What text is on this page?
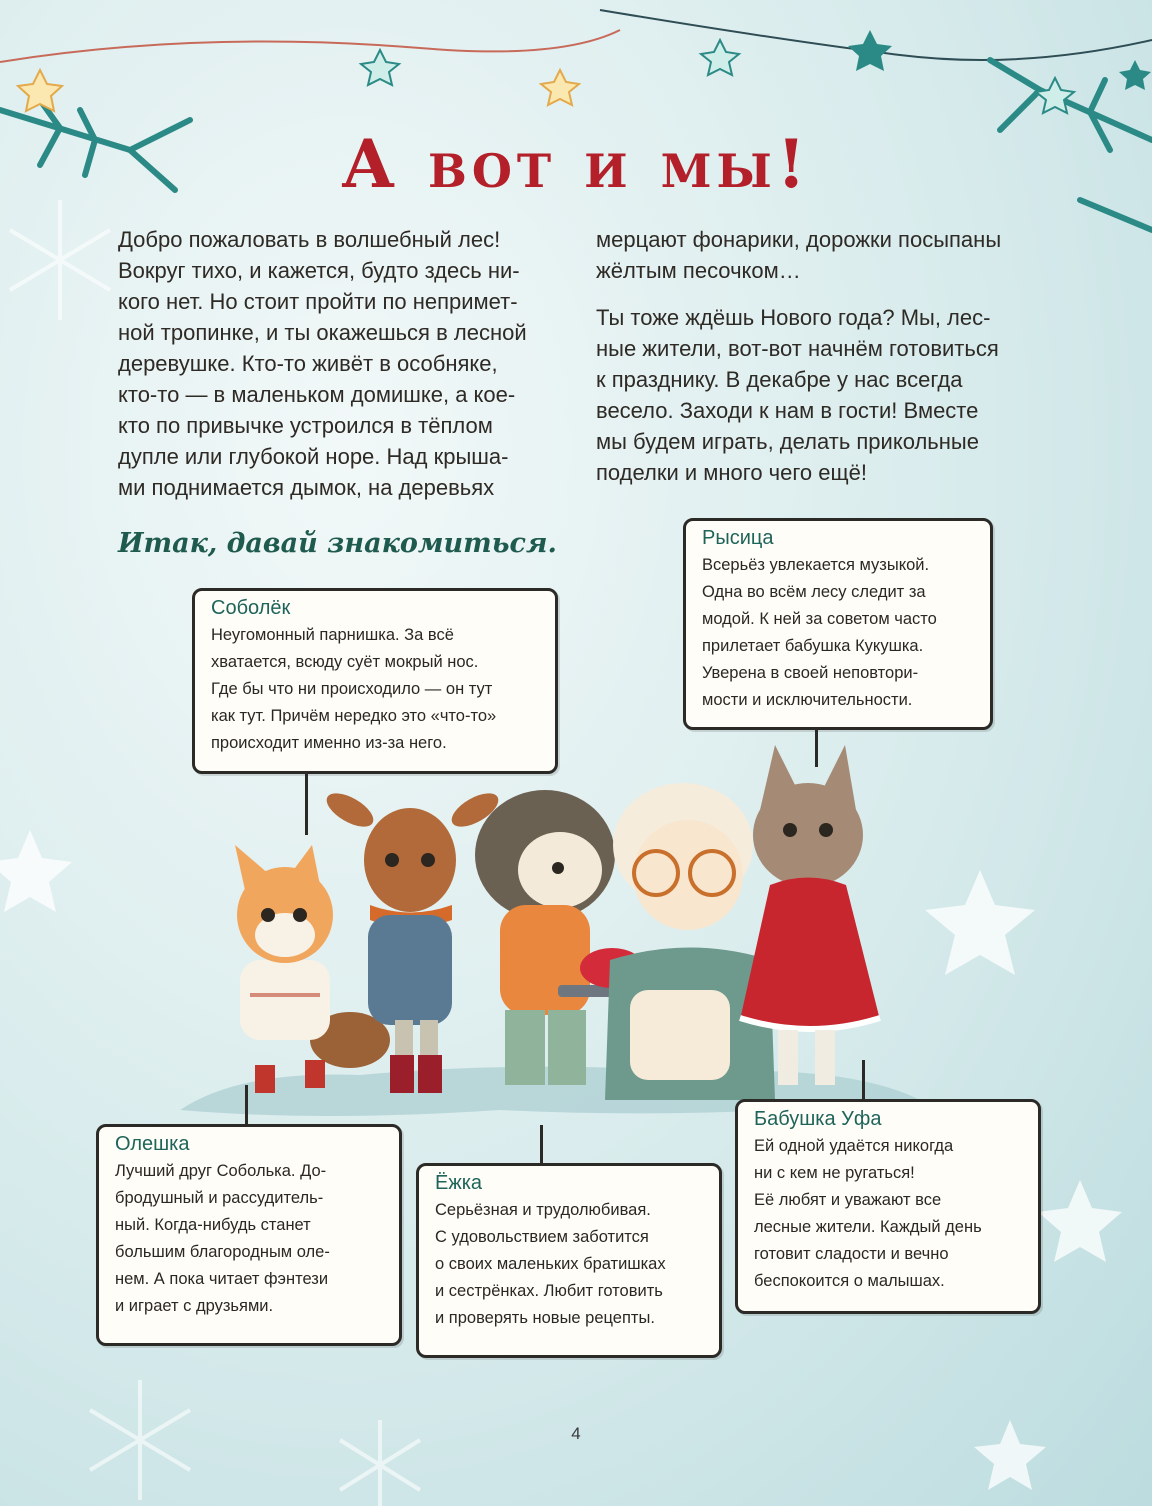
А вот и мы!
Добро пожаловать в волшебный лес!
Вокруг тихо, и кажется, будто здесь ни-
кого нет. Но стоит пройти по непримет-
ной тропинке, и ты окажешься в лесной
деревушке. Кто-то живёт в особняке,
кто-то — в маленьком домишке, а кое-
кто по привычке устроился в тёплом
дупле или глубокой норе. Над крыша-
ми поднимается дымок, на деревьях
мерцают фонарики, дорожки посыпаны
жёлтым песочком…
Ты тоже ждёшь Нового года? Мы, лес-
ные жители, вот-вот начнём готовиться
к празднику. В декабре у нас всегда
весело. Заходи к нам в гости! Вместе
мы будем играть, делать прикольные
поделки и много чего ещё!
Итак, давай знакомиться.
Соболёк
Неугомонный парнишка. За всё
хватается, всюду суёт мокрый нос.
Где бы что ни происходило — он тут
как тут. Причём нередко это «что-то»
происходит именно из-за него.
Рысица
Всерьёз увлекается музыкой.
Одна во всём лесу следит за
модой. К ней за советом часто
прилетает бабушка Кукушка.
Уверена в своей неповтори-
мости и исключительности.
Олешка
Лучший друг Соболька. До-
бродушный и рассудитель-
ный. Когда-нибудь станет
большим благородным оле-
нем. А пока читает фэнтези
и играет с друзьями.
Ёжка
Серьёзная и трудолюбивая.
С удовольствием заботится
о своих маленьких братишках
и сестрёнках. Любит готовить
и проверять новые рецепты.
Бабушка Уфа
Ей одной удаётся никогда
ни с кем не ругаться!
Её любят и уважают все
лесные жители. Каждый день
готовит сладости и вечно
беспокоится о малышах.
4
